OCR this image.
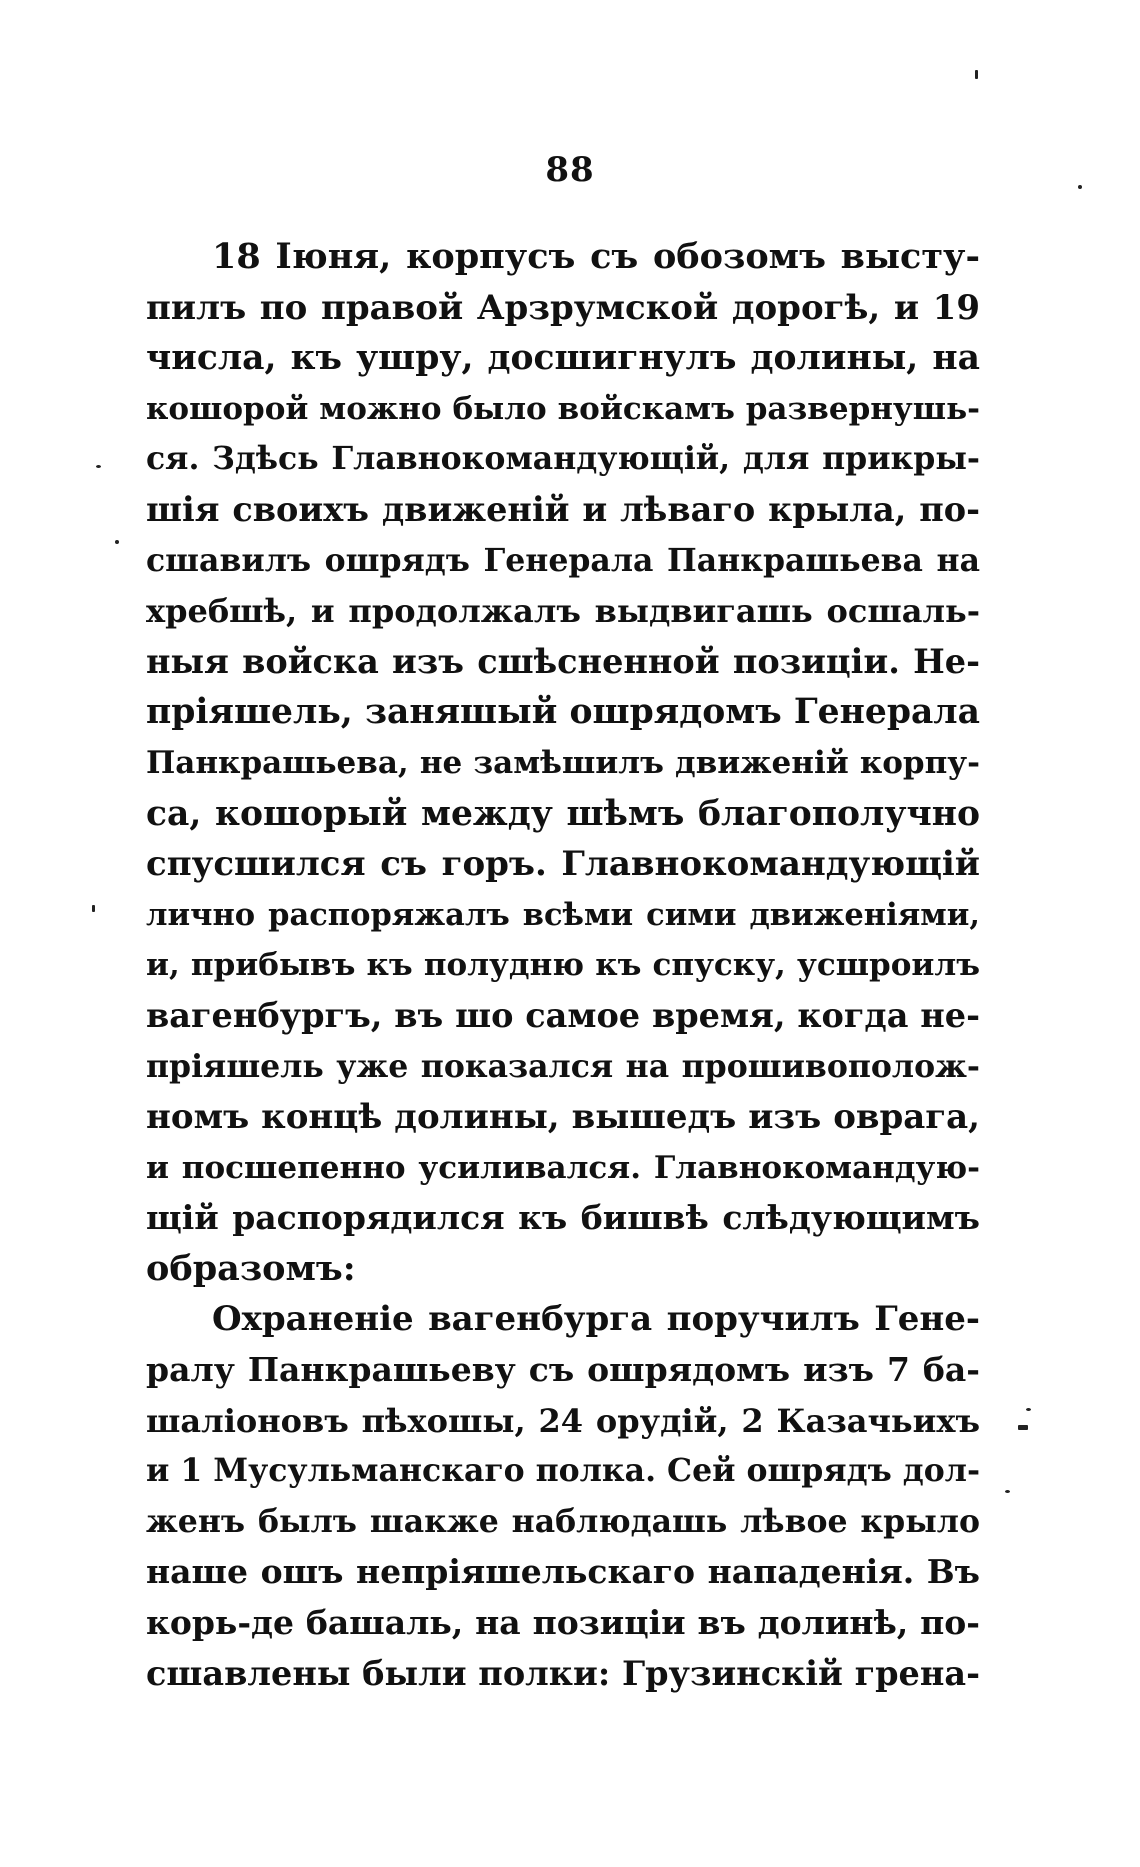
88
18 Іюня, корпусъ съ обозомъ высту-
пилъ по правой Арзрумской дорогѣ, и 19
числа, къ ушру, досшигнулъ долины, на
кошорой можно было войскамъ развернушь-
ся. Здѣсь Главнокомандующій, для прикры-
шія своихъ движеній и лѣваго крыла, по-
сшавилъ ошрядъ Генерала Панкрашьева на
хребшѣ, и продолжалъ выдвигашь осшаль-
ныя войска изъ сшѣсненной позиціи. Не-
пріяшель, заняшый ошрядомъ Генерала
Панкрашьева, не замѣшилъ движеній корпу-
са, кошорый между шѣмъ благополучно
спусшился съ горъ. Главнокомандующій
лично распоряжалъ всѣми сими движеніями,
и, прибывъ къ полудню къ спуску, усшроилъ
вагенбургъ, въ шо самое время, когда не-
пріяшель уже показался на прошивополож-
номъ концѣ долины, вышедъ изъ оврага,
и посшепенно усиливался. Главнокомандую-
щій распорядился къ бишвѣ слѣдующимъ
образомъ:
Охраненіе вагенбурга поручилъ Гене-
ралу Панкрашьеву съ ошрядомъ изъ 7 ба-
шаліоновъ пѣхошы, 24 орудій, 2 Казачьихъ
и 1 Мусульманскаго полка. Сей ошрядъ дол-
женъ былъ шакже наблюдашь лѣвое крыло
наше ошъ непріяшельскаго нападенія. Въ
корь-де башаль, на позиціи въ долинѣ, по-
сшавлены были полки: Грузинскій грена-
